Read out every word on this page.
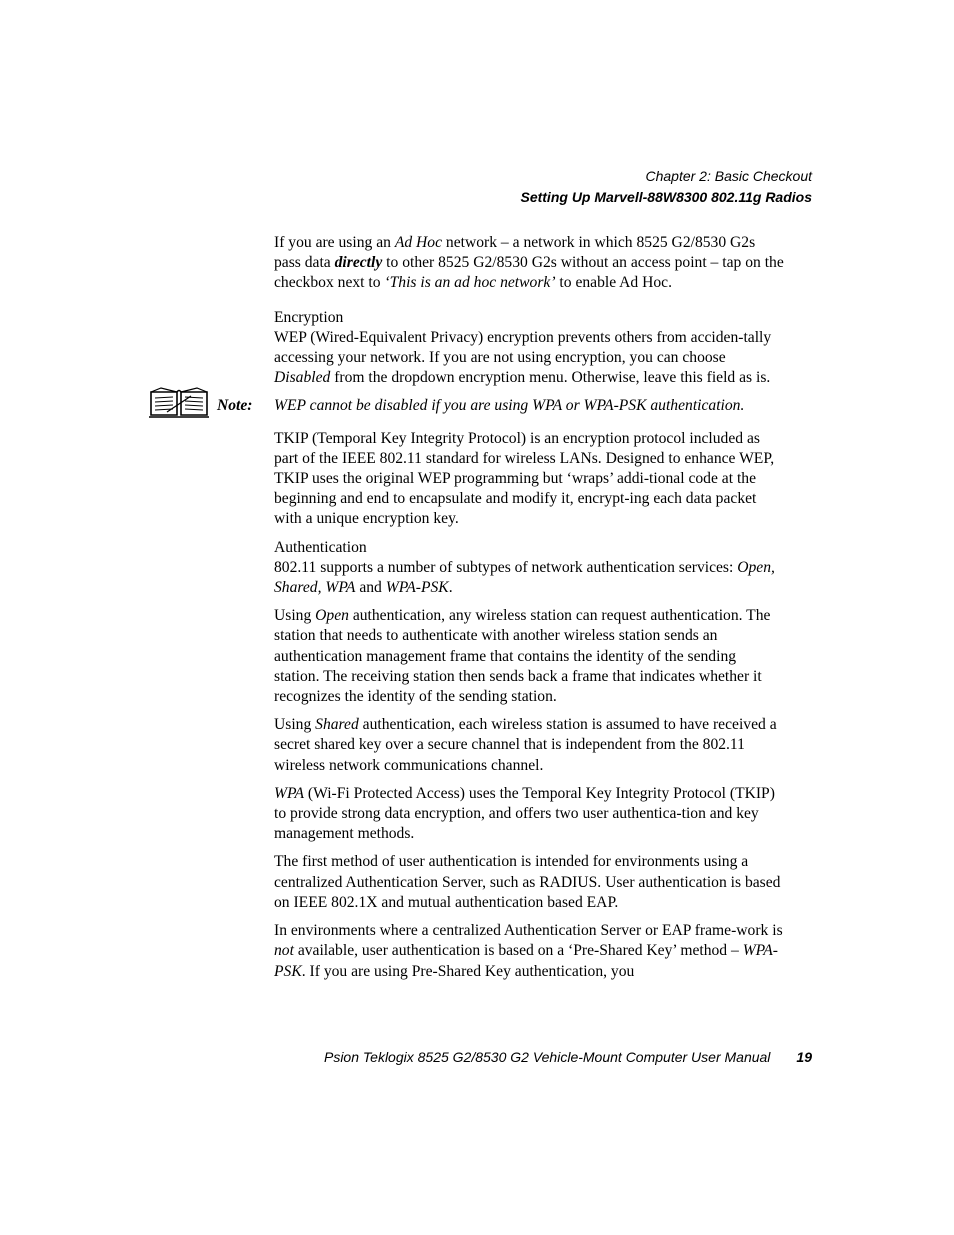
Chapter 2: Basic Checkout
Setting Up Marvell-88W8300 802.11g Radios

If you are using an Ad Hoc network – a network in which 8525 G2/8530 G2s pass data directly to other 8525 G2/8530 G2s without an access point – tap on the checkbox next to ‘This is an ad hoc network’ to enable Ad Hoc.

Encryption
WEP (Wired-Equivalent Privacy) encryption prevents others from acciden-tally accessing your network. If you are not using encryption, you can choose Disabled from the dropdown encryption menu. Otherwise, leave this field as is.

Note: WEP cannot be disabled if you are using WPA or WPA-PSK authentication.

TKIP (Temporal Key Integrity Protocol) is an encryption protocol included as part of the IEEE 802.11 standard for wireless LANs. Designed to enhance WEP, TKIP uses the original WEP programming but ‘wraps’ addi-tional code at the beginning and end to encapsulate and modify it, encrypt-ing each data packet with a unique encryption key.

Authentication
802.11 supports a number of subtypes of network authentication services: Open, Shared, WPA and WPA-PSK.

Using Open authentication, any wireless station can request authentication. The station that needs to authenticate with another wireless station sends an authentication management frame that contains the identity of the sending station. The receiving station then sends back a frame that indicates whether it recognizes the identity of the sending station.

Using Shared authentication, each wireless station is assumed to have received a secret shared key over a secure channel that is independent from the 802.11 wireless network communications channel.

WPA (Wi-Fi Protected Access) uses the Temporal Key Integrity Protocol (TKIP) to provide strong data encryption, and offers two user authentica-tion and key management methods.

The first method of user authentication is intended for environments using a centralized Authentication Server, such as RADIUS. User authentication is based on IEEE 802.1X and mutual authentication based EAP.

In environments where a centralized Authentication Server or EAP frame-work is not available, user authentication is based on a ‘Pre-Shared Key’ method – WPA-PSK. If you are using Pre-Shared Key authentication, you

Psion Teklogix 8525 G2/8530 G2 Vehicle-Mount Computer User Manual 19
